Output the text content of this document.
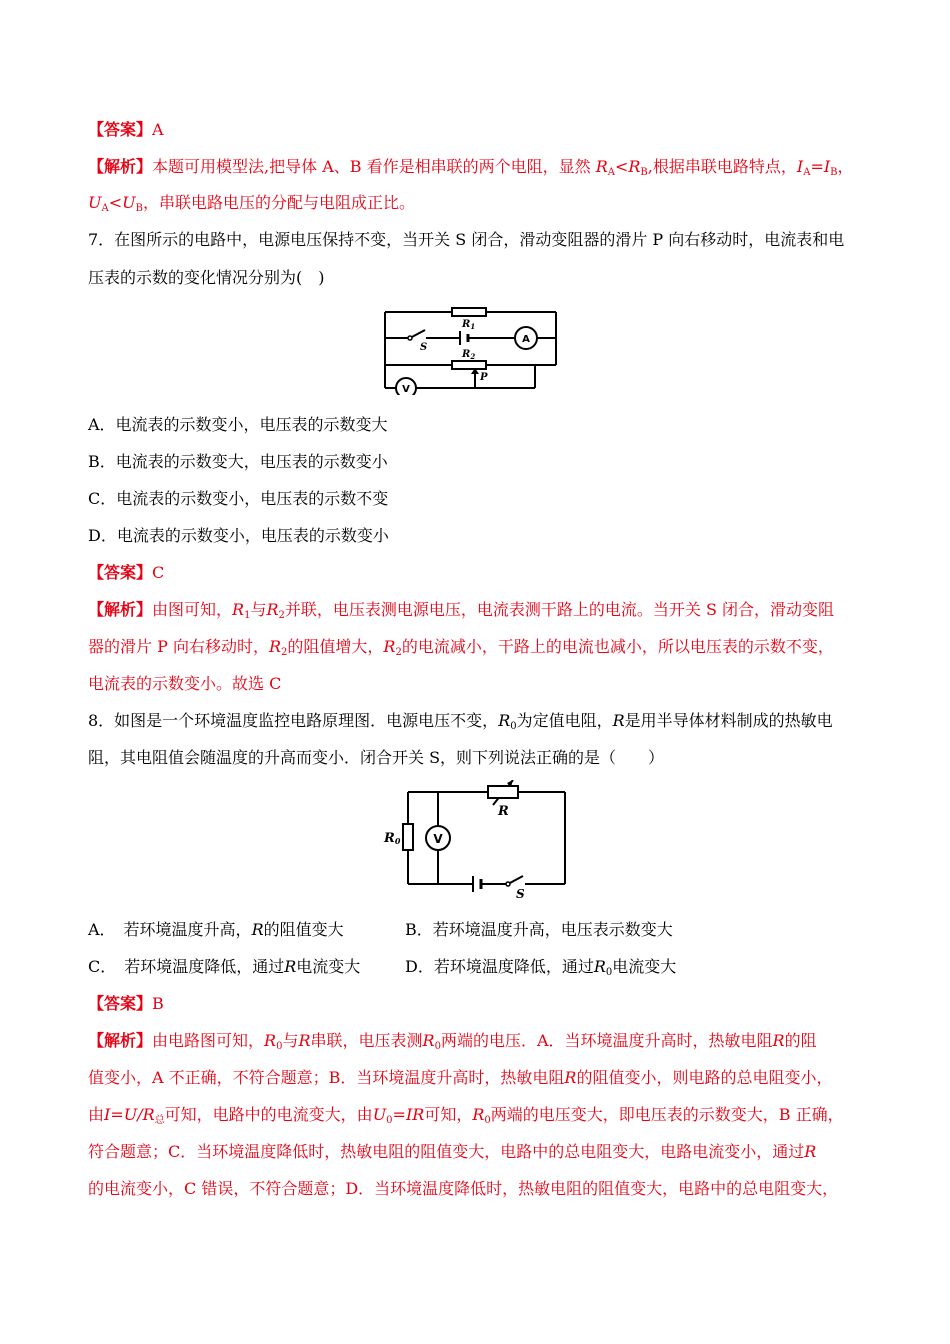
【答案】A
【解析】本题可用模型法,把导体 A、B 看作是相串联的两个电阻，显然 $R_A<R_B$,根据串联电路特点，$I_A=I_B$，
$U_A<U_B$，串联电路电压的分配与电阻成正比。
7．在图所示的电路中，电源电压保持不变，当开关 S 闭合，滑动变阻器的滑片 P 向右移动时，电流表和电
压表的示数的变化情况分别为(　)
$R_1$
$R_2$
S
P
A
V
A．电流表的示数变小，电压表的示数变大
B．电流表的示数变大，电压表的示数变小
C．电流表的示数变小，电压表的示数不变
D．电流表的示数变小，电压表的示数变小
【答案】C
【解析】由图可知，$R_1$与$R_2$并联，电压表测电源电压，电流表测干路上的电流。当开关 S 闭合，滑动变阻
器的滑片 P 向右移动时，$R_2$的阻值增大，$R_2$的电流减小，干路上的电流也减小，所以电压表的示数不变，
电流表的示数变小。故选 C
8．如图是一个环境温度监控电路原理图．电源电压不变，$R_0$为定值电阻，R是用半导体材料制成的热敏电
阻，其电阻值会随温度的升高而变小．闭合开关 S，则下列说法正确的是（　　）
R
R0
S
V
A．　若环境温度升高，R的阻值变大	B．若环境温度升高，电压表示数变大
C．　若环境温度降低，通过R电流变大	D．若环境温度降低，通过$R_0$电流变大
【答案】B
【解析】由电路图可知，$R_0$与R串联，电压表测$R_0$两端的电压．A．当环境温度升高时，热敏电阻R的阻
值变小，A 不正确，不符合题意；B．当环境温度升高时，热敏电阻R的阻值变小，则电路的总电阻变小，
由$I=U/R_总$可知，电路中的电流变大，由$U_0=IR$可知，$R_0$两端的电压变大，即电压表的示数变大，B 正确，
符合题意；C．当环境温度降低时，热敏电阻的阻值变大，电路中的总电阻变大，电路电流变小，通过R
的电流变小，C 错误，不符合题意；D．当环境温度降低时，热敏电阻的阻值变大，电路中的总电阻变大，
